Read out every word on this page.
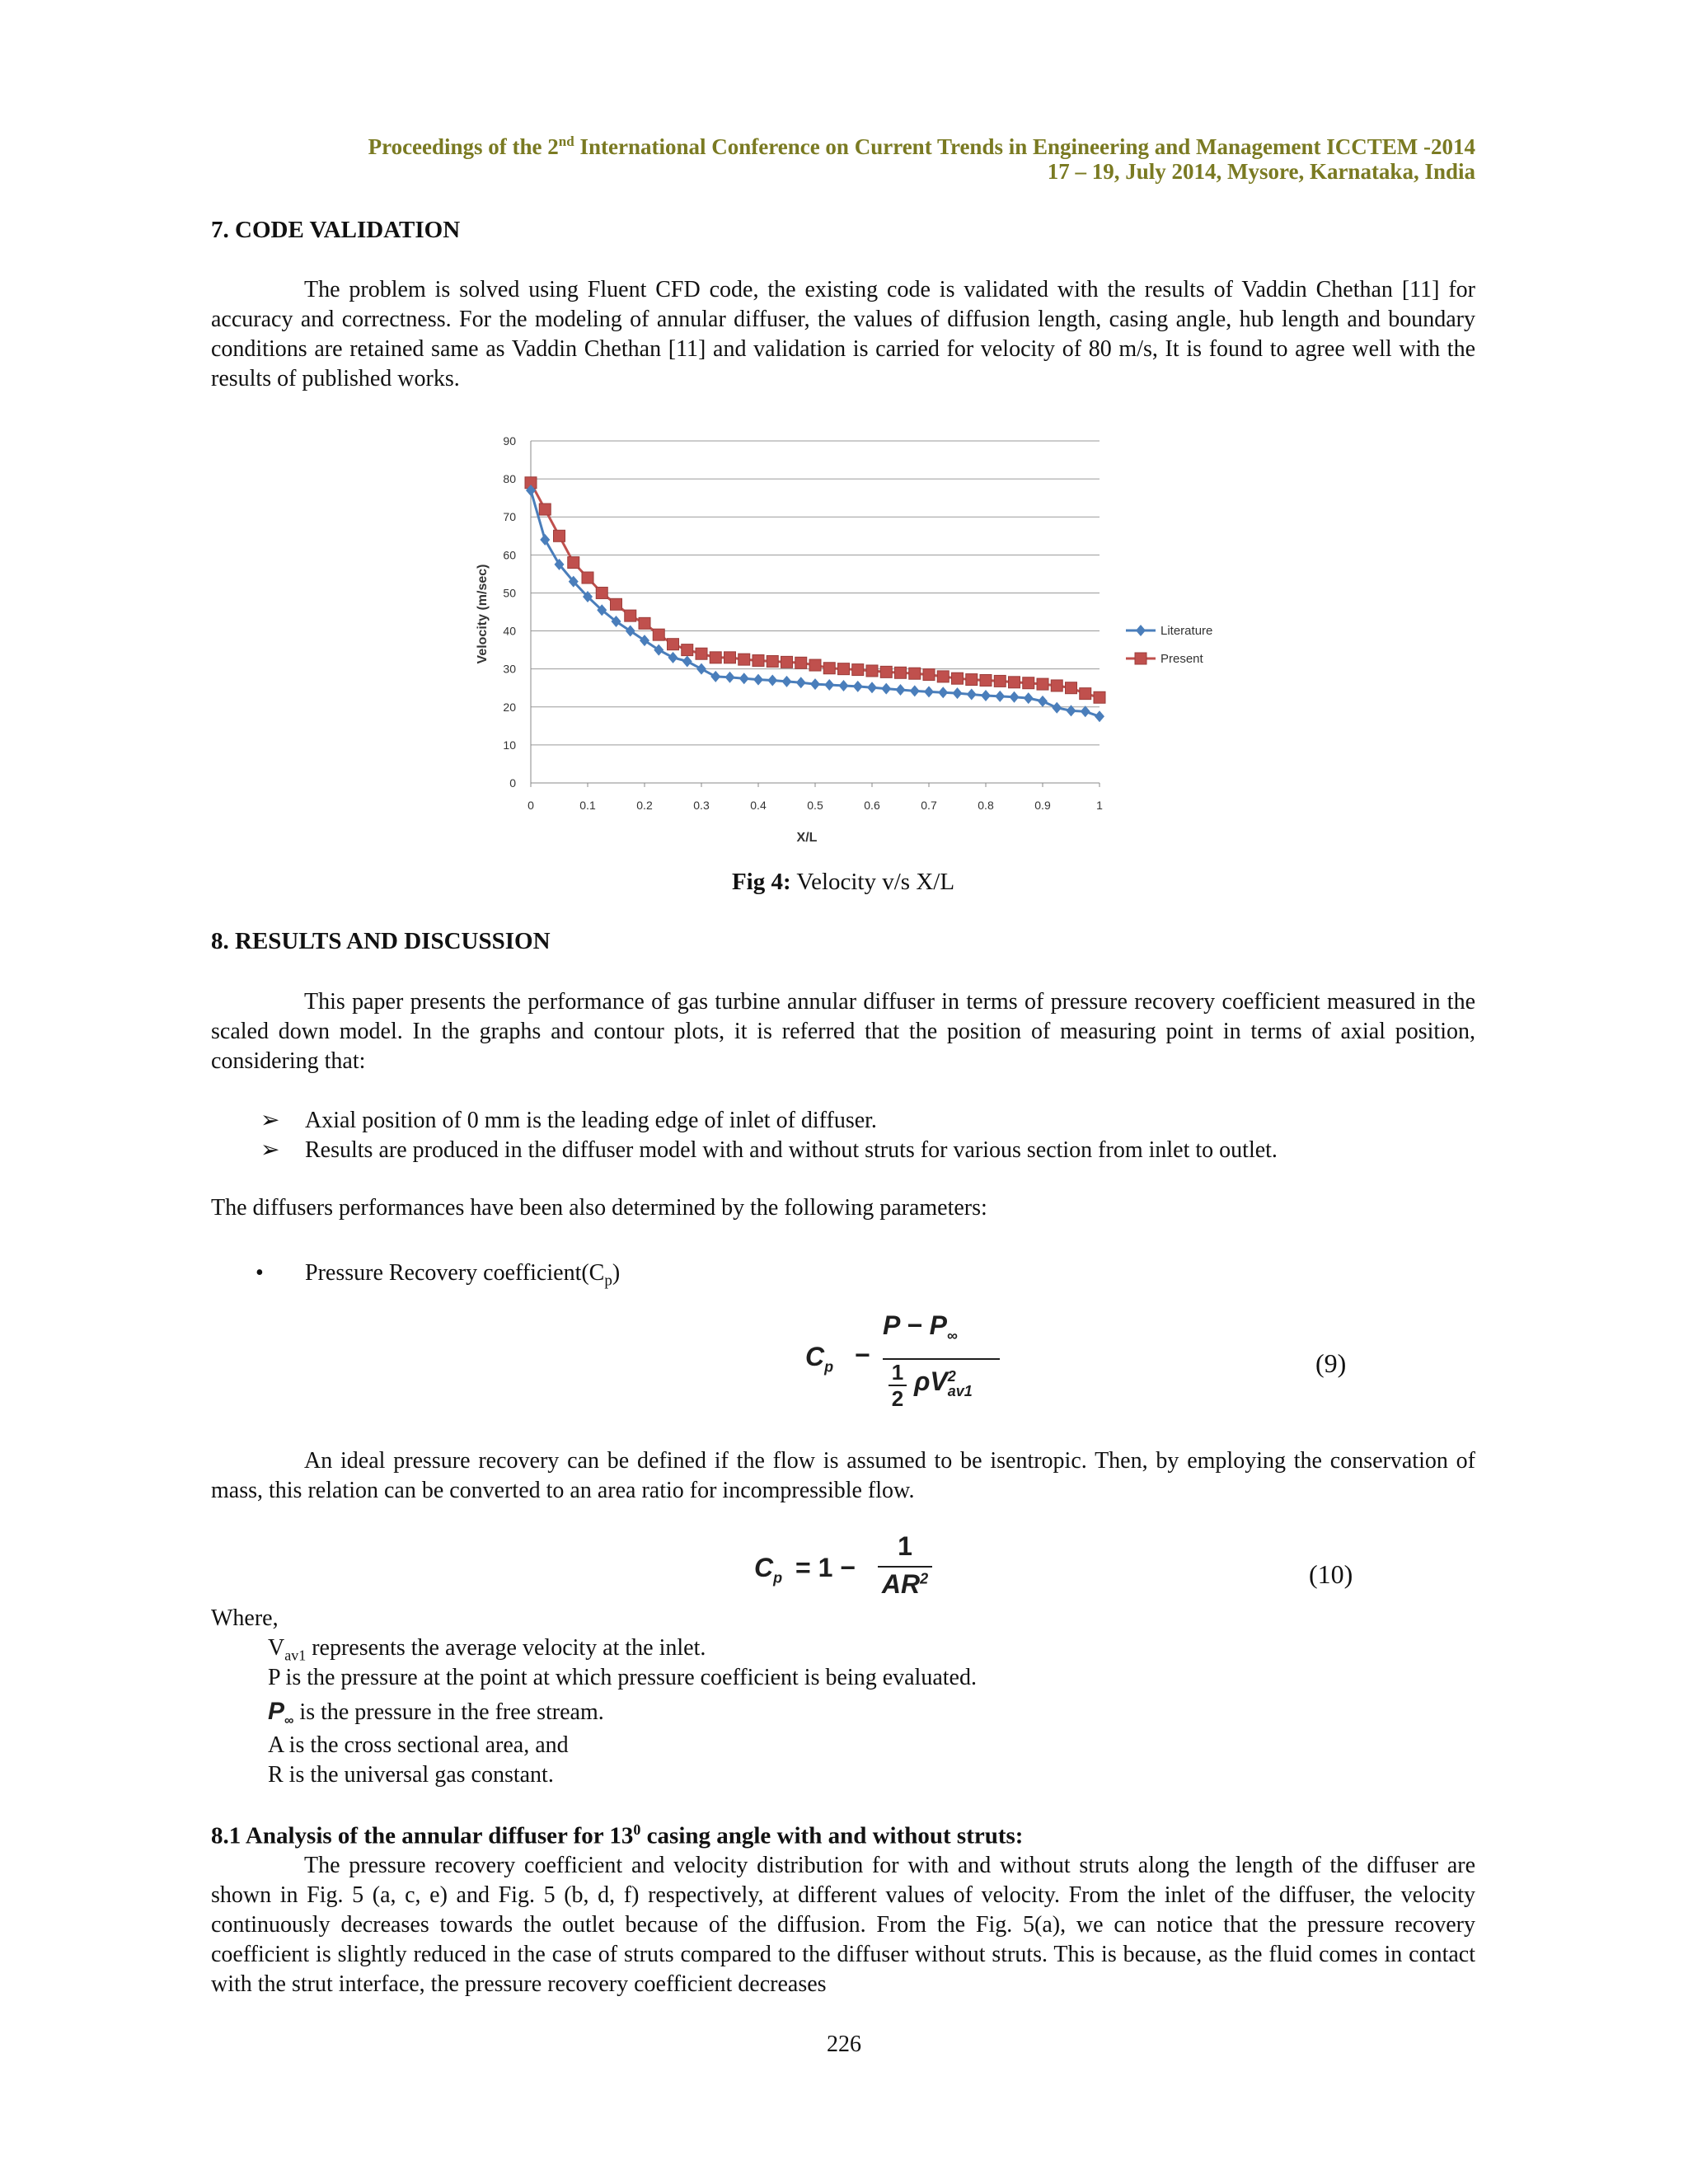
Proceedings of the 2nd International Conference on Current Trends in Engineering and Management ICCTEM -2014
17 – 19, July 2014, Mysore, Karnataka, India
7. CODE VALIDATION
The problem is solved using Fluent CFD code, the existing code is validated with the results of Vaddin Chethan [11] for accuracy and correctness. For the modeling of annular diffuser, the values of diffusion length, casing angle, hub length and boundary conditions are retained same as Vaddin Chethan [11] and validation is carried for velocity of 80 m/s, It is found to agree well with the results of published works.
0
10
20
30
40
50
60
70
80
90
0	0.1	0.2	0.3	0.4	0.5	0.6	0.7	0.8	0.9	1
Literature
Present
X/L
Velocity (m/sec)
Fig 4: Velocity v/s X/L
8. RESULTS AND DISCUSSION
This paper presents the performance of gas turbine annular diffuser in terms of pressure recovery coefficient measured in the scaled down model. In the graphs and contour plots, it is referred that the position of measuring point in terms of axial position, considering that:
➢ Axial position of 0 mm is the leading edge of inlet of diffuser.
➢ Results are produced in the diffuser model with and without struts for various section from inlet to outlet.
The diffusers performances have been also determined by the following parameters:
• Pressure Recovery $coefficient(C_p)$
$C_p$ −
$P - P_\infty$
1
2
ρV 2
av1
(9)
An ideal pressure recovery can be defined if the flow is assumed to be isentropic. Then, by employing the conservation of mass, this relation can be converted to an area ratio for incompressible flow.
$C_p = 1$ −
1
$AR^2$	(10)
Where,
$V_{av1}$ represents the average velocity at the inlet.
P is the pressure at the point at which pressure coefficient is being evaluated.
$P_\infty$ is the pressure in the free stream.
A is the cross sectional area, and
R is the universal gas constant.
8.1 Analysis of the annular diffuser for $13^0$ casing angle with and without struts:
The pressure recovery coefficient and velocity distribution for with and without struts along the length of the diffuser are shown in Fig. 5 (a, c, e) and Fig. 5 (b, d, f) respectively, at different values of velocity. From the inlet of the diffuser, the velocity continuously decreases towards the outlet because of the diffusion. From the Fig. 5(a), we can notice that the pressure recovery coefficient is slightly reduced in the case of struts compared to the diffuser without struts. This is because, as the fluid comes in contact with the strut interface, the pressure recovery coefficient decreases
226
